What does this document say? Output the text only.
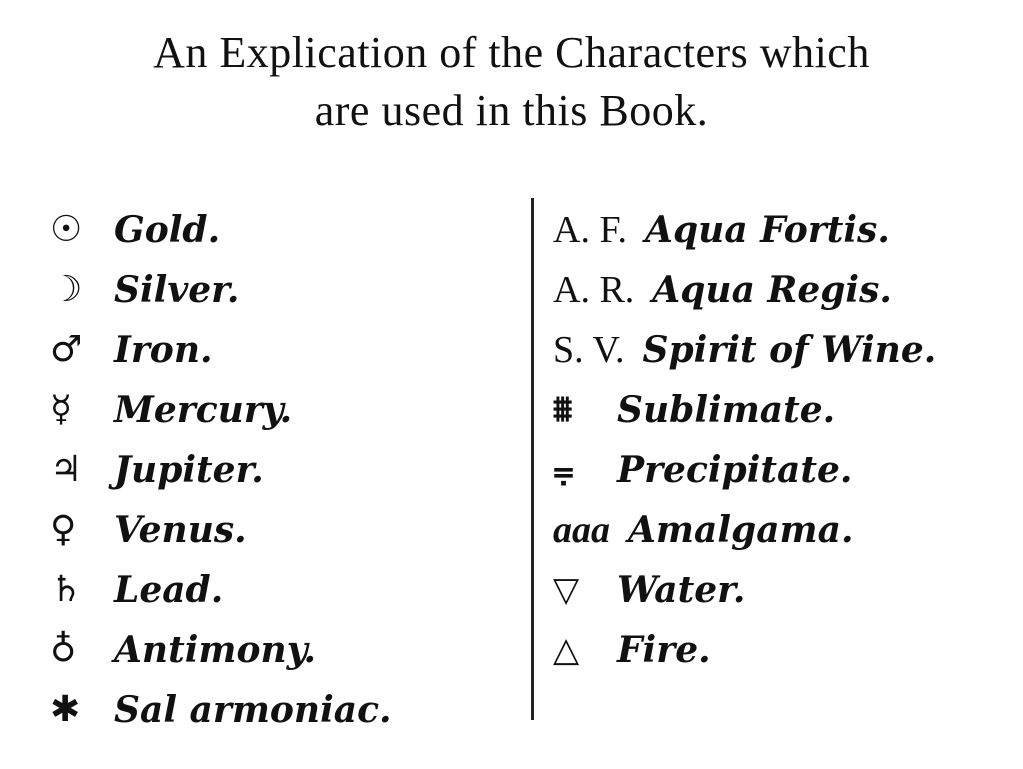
An Explication of the Characters which
are used in this Book.
☉ Gold.
☽ Silver.
♂ Iron.
☿	Mercury.
♃ Jupiter.
♀	Venus.
♄ Lead.
♁	Antimony.
✱ Sal armoniac.
A. F. Aqua Fortis.
A. R. Aqua Regis.
S. V. Spirit of Wine.
⩩	Sublimate.
⩦	Precipitate.
aaa Amalgama.
▽	Water.
△	Fire.
